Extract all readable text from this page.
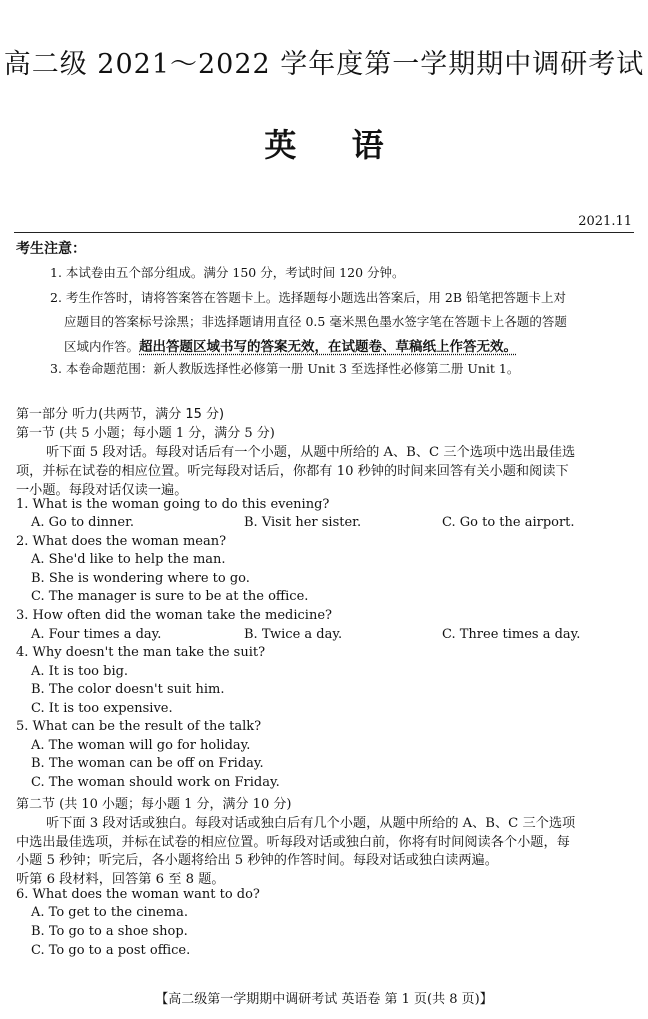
高二级 2021～2022 学年度第一学期期中调研考试
英 语
2021.11
考生注意：
1. 本试卷由五个部分组成。满分 150 分，考试时间 120 分钟。
2. 考生作答时，请将答案答在答题卡上。选择题每小题选出答案后，用 2B 铅笔把答题卡上对
应题目的答案标号涂黑；非选择题请用直径 0.5 毫米黑色墨水签字笔在答题卡上各题的答题
区域内作答。超出答题区域书写的答案无效，在试题卷、草稿纸上作答无效。
3. 本卷命题范围：新人教版选择性必修第一册 Unit 3 至选择性必修第二册 Unit 1。
第一部分 听力(共两节，满分 15 分)
第一节 (共 5 小题；每小题 1 分，满分 5 分)
听下面 5 段对话。每段对话后有一个小题，从题中所给的 A、B、C 三个选项中选出最佳选
项，并标在试卷的相应位置。听完每段对话后，你都有 10 秒钟的时间来回答有关小题和阅读下
一小题。每段对话仅读一遍。
1. What is the woman going to do this evening?
A. Go to dinner.	B. Visit her sister.	C. Go to the airport.
2. What does the woman mean?
A. She'd like to help the man.
B. She is wondering where to go.
C. The manager is sure to be at the office.
3. How often did the woman take the medicine?
A. Four times a day.	B. Twice a day.	C. Three times a day.
4. Why doesn't the man take the suit?
A. It is too big.
B. The color doesn't suit him.
C. It is too expensive.
5. What can be the result of the talk?
A. The woman will go for holiday.
B. The woman can be off on Friday.
C. The woman should work on Friday.
第二节 (共 10 小题；每小题 1 分，满分 10 分)
听下面 3 段对话或独白。每段对话或独白后有几个小题，从题中所给的 A、B、C 三个选项
中选出最佳选项，并标在试卷的相应位置。听每段对话或独白前，你将有时间阅读各个小题，每
小题 5 秒钟；听完后，各小题将给出 5 秒钟的作答时间。每段对话或独白读两遍。
听第 6 段材料，回答第 6 至 8 题。
6. What does the woman want to do?
A. To get to the cinema.
B. To go to a shoe shop.
C. To go to a post office.
【高二级第一学期期中调研考试 英语卷 第 1 页(共 8 页)】
